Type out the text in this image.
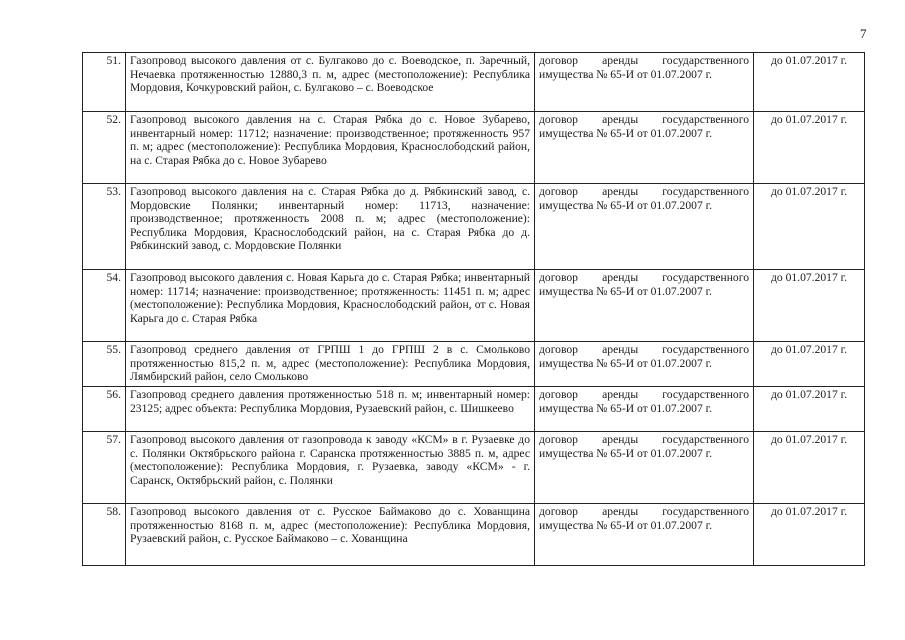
7
51.	Газопровод высокого давления от с. Булгаково до с. Воеводское, п. Заречный, Нечаевка протяженностью 12880,3 п. м, адрес (местоположение): Республика Мордовия, Кочкуровский район, с. Булгаково – с. Воеводское	договор аренды государственного имущества № 65-И от 01.07.2007 г.	до 01.07.2017 г.
52.	Газопровод высокого давления на с. Старая Рябка до с. Новое Зубарево, инвентарный номер: 11712; назначение: производственное; протяженность 957 п. м; адрес (местоположение): Республика Мордовия, Краснослободский район, на с. Старая Рябка до с. Новое Зубарево	договор аренды государственного имущества № 65-И от 01.07.2007 г.	до 01.07.2017 г.
53.	Газопровод высокого давления на с. Старая Рябка до д. Рябкинский завод, с. Мордовские Полянки; инвентарный номер: 11713, назначение: производственное; протяженность 2008 п. м; адрес (местоположение): Республика Мордовия, Краснослободский район, на с. Старая Рябка до д. Рябкинский завод, с. Мордовские Полянки	договор аренды государственного имущества № 65-И от 01.07.2007 г.	до 01.07.2017 г.
54.	Газопровод высокого давления с. Новая Карьга до с. Старая Рябка; инвентарный номер: 11714; назначение: производственное; протяженность: 11451 п. м; адрес (местоположение): Республика Мордовия, Краснослободский район, от с. Новая Карьга до с. Старая Рябка	договор аренды государственного имущества № 65-И от 01.07.2007 г.	до 01.07.2017 г.
55.	Газопровод среднего давления от ГРПШ 1 до ГРПШ 2 в с. Смольково протяженностью 815,2 п. м, адрес (местоположение): Республика Мордовия, Лямбирский район, село Смольково	договор аренды государственного имущества № 65-И от 01.07.2007 г.	до 01.07.2017 г.
56.	Газопровод среднего давления протяженностью 518 п. м; инвентарный номер: 23125; адрес объекта: Республика Мордовия, Рузаевский район, с. Шишкеево	договор аренды государственного имущества № 65-И от 01.07.2007 г.	до 01.07.2017 г.
57.	Газопровод высокого давления от газопровода к заводу «КСМ» в г. Рузаевке до с. Полянки Октябрьского района г. Саранска протяженностью 3885 п. м, адрес (местоположение): Республика Мордовия, г. Рузаевка, заводу «КСМ» - г. Саранск, Октябрьский район, с. Полянки	договор аренды государственного имущества № 65-И от 01.07.2007 г.	до 01.07.2017 г.
58.	Газопровод высокого давления от с. Русское Баймаково до с. Хованщина протяженностью 8168 п. м, адрес (местоположение): Республика Мордовия, Рузаевский район, с. Русское Баймаково – с. Хованщина	договор аренды государственного имущества № 65-И от 01.07.2007 г.	до 01.07.2017 г.
